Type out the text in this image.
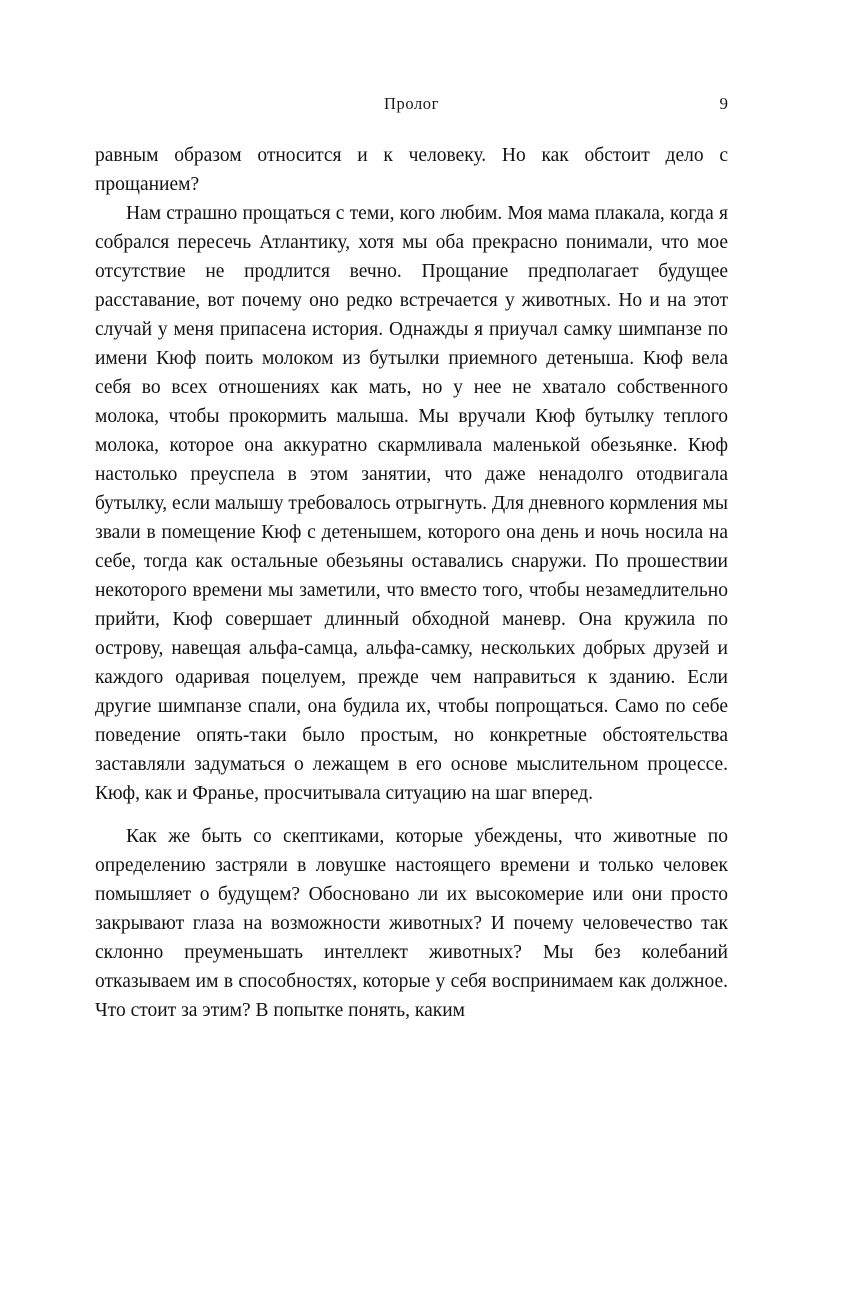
Пролог	9

равным образом относится и к человеку. Но как обстоит дело с прощанием?

Нам страшно прощаться с теми, кого любим. Моя мама плакала, когда я собрался пересечь Атлантику, хотя мы оба прекрасно понимали, что мое отсутствие не продлится вечно. Прощание предполагает будущее расставание, вот почему оно редко встречается у животных. Но и на этот случай у меня припасена история. Однажды я приучал самку шимпанзе по имени Кюф поить молоком из бутылки приемного детеныша. Кюф вела себя во всех отношениях как мать, но у нее не хватало собственного молока, чтобы прокормить малыша. Мы вручали Кюф бутылку теплого молока, которое она аккуратно скармливала маленькой обезьянке. Кюф настолько преуспела в этом занятии, что даже ненадолго отодвигала бутылку, если малышу требовалось отрыгнуть. Для дневного кормления мы звали в помещение Кюф с детенышем, которого она день и ночь носила на себе, тогда как остальные обезьяны оставались снаружи. По прошествии некоторого времени мы заметили, что вместо того, чтобы незамедлительно прийти, Кюф совершает длинный обходной маневр. Она кружила по острову, навещая альфа-самца, альфа-самку, нескольких добрых друзей и каждого одаривая поцелуем, прежде чем направиться к зданию. Если другие шимпанзе спали, она будила их, чтобы попрощаться. Само по себе поведение опять-таки было простым, но конкретные обстоятельства заставляли задуматься о лежащем в его основе мыслительном процессе. Кюф, как и Франье, просчитывала ситуацию на шаг вперед.

Как же быть со скептиками, которые убеждены, что животные по определению застряли в ловушке настоящего времени и только человек помышляет о будущем? Обосновано ли их высокомерие или они просто закрывают глаза на возможности животных? И почему человечество так склонно преуменьшать интеллект животных? Мы без колебаний отказываем им в способностях, которые у себя воспринимаем как должное. Что стоит за этим? В попытке понять, каким
